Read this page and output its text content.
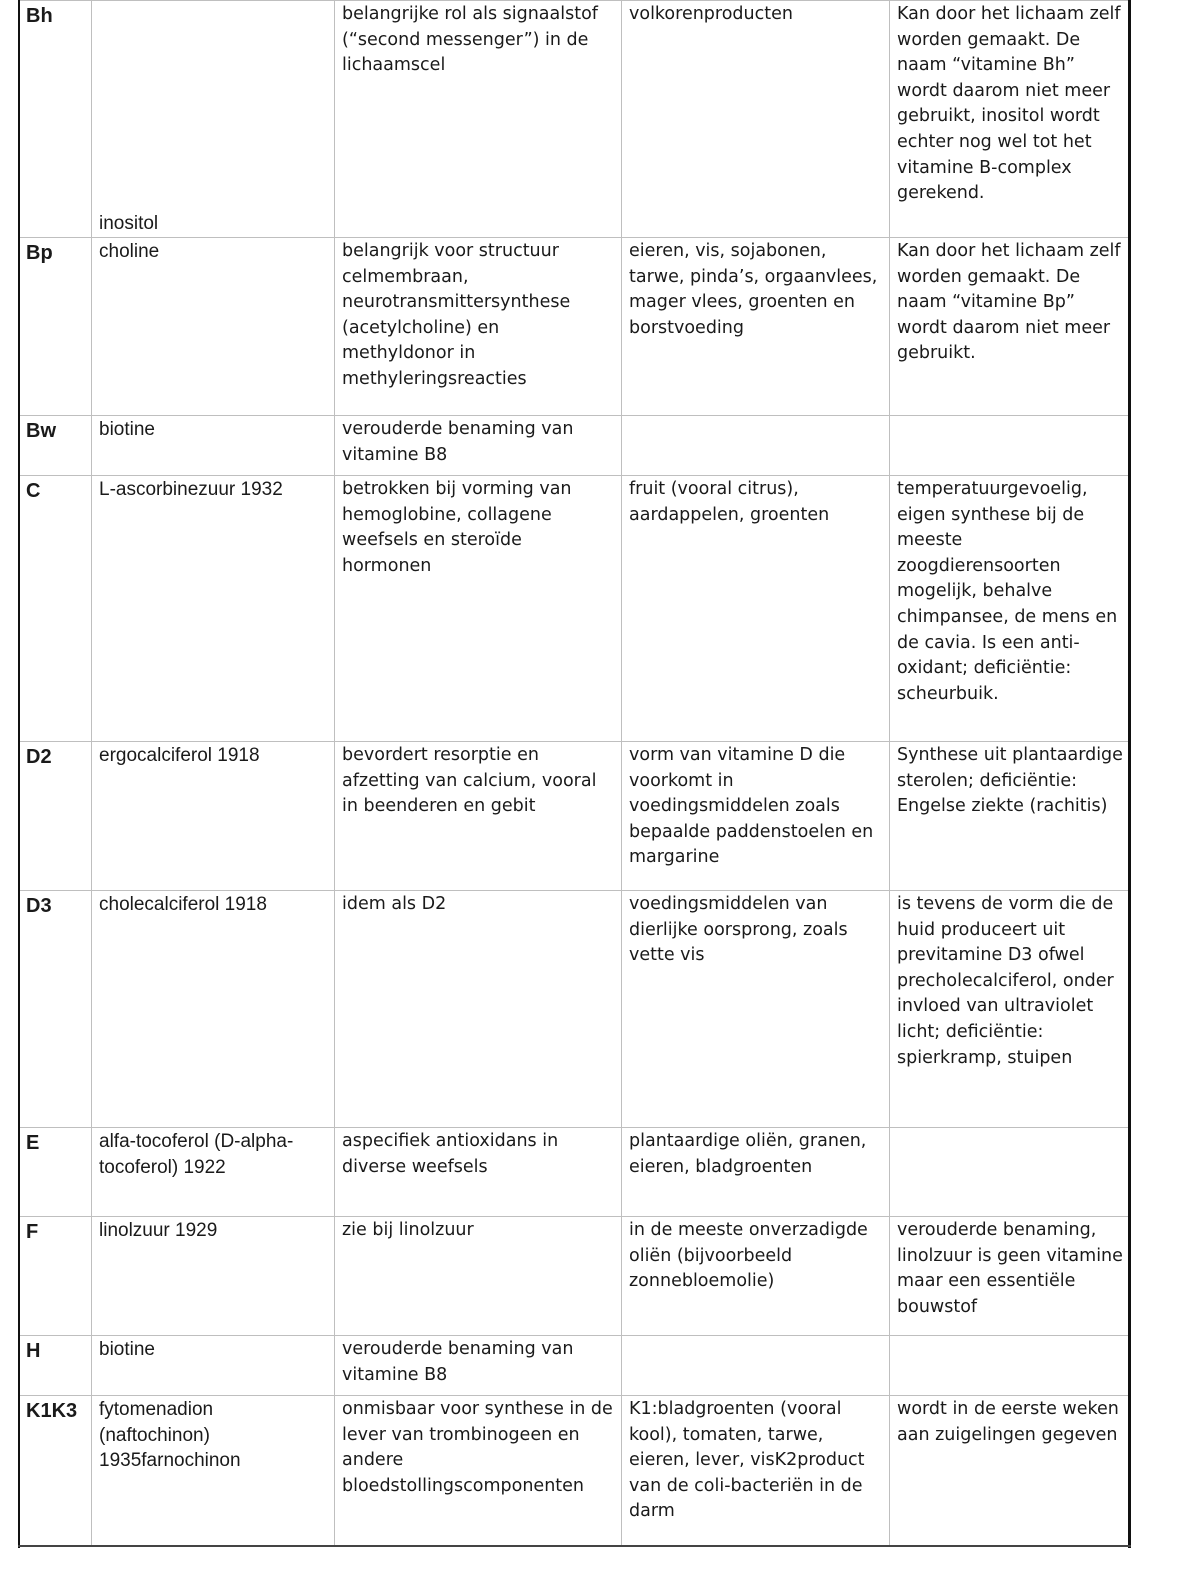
Bh	inositol	belangrijke rol als signaalstof (“second messenger”) in de lichaamscel	volkorenproducten	Kan door het lichaam zelf worden gemaakt. De naam “vitamine Bh” wordt daarom niet meer gebruikt, inositol wordt echter nog wel tot het vitamine B-complex gerekend.
Bp	choline	belangrijk voor structuur celmembraan, neurotransmittersynthese (acetylcholine) en methyldonor in methyleringsreacties	eieren, vis, sojabonen, tarwe, pinda’s, orgaanvlees, mager vlees, groenten en borstvoeding	Kan door het lichaam zelf worden gemaakt. De naam “vitamine Bp” wordt daarom niet meer gebruikt.
Bw	biotine	verouderde benaming van vitamine B8		
C	L-ascorbinezuur 1932	betrokken bij vorming van hemoglobine, collagene weefsels en steroïde hormonen	fruit (vooral citrus), aardappelen, groenten	temperatuurgevoelig, eigen synthese bij de meeste zoogdierensoorten mogelijk, behalve chimpansee, de mens en de cavia. Is een anti-oxidant; deficiëntie: scheurbuik.
D2	ergocalciferol 1918	bevordert resorptie en afzetting van calcium, vooral in beenderen en gebit	vorm van vitamine D die voorkomt in voedingsmiddelen zoals bepaalde paddenstoelen en margarine	Synthese uit plantaardige sterolen; deficiëntie: Engelse ziekte (rachitis)
D3	cholecalciferol 1918	idem als D2	voedingsmiddelen van dierlijke oorsprong, zoals vette vis	is tevens de vorm die de huid produceert uit previtamine D3 ofwel precholecalciferol, onder invloed van ultraviolet licht; deficiëntie: spierkramp, stuipen
E	alfa-tocoferol (D-alpha-tocoferol) 1922	aspecifiek antioxidans in diverse weefsels	plantaardige oliën, granen, eieren, bladgroenten	
F	linolzuur 1929	zie bij linolzuur	in de meeste onverzadigde oliën (bijvoorbeeld zonnebloemolie)	verouderde benaming, linolzuur is geen vitamine maar een essentiële bouwstof
H	biotine	verouderde benaming van vitamine B8		
K1K3	fytomenadion (naftochinon) 1935farnochinon	onmisbaar voor synthese in de lever van trombinogeen en andere bloedstollingscomponenten	K1:bladgroenten (vooral kool), tomaten, tarwe, eieren, lever, visK2product van de coli-bacteriën in de darm	wordt in de eerste weken aan zuigelingen gegeven
